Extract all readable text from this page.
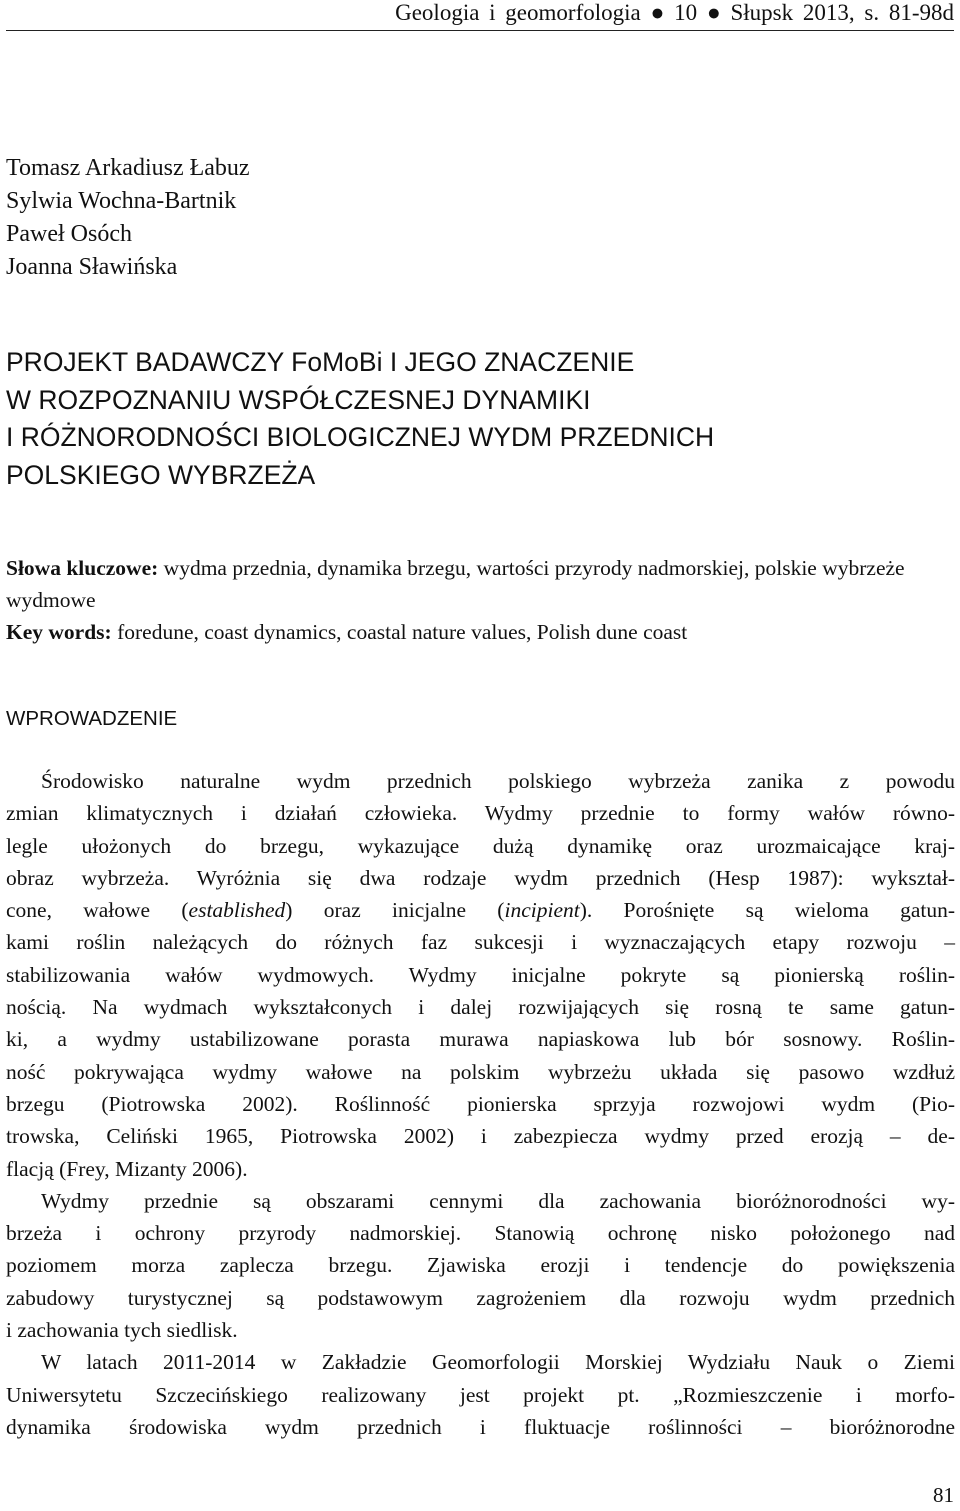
Geologia i geomorfologia ● 10 ● Słupsk 2013, s. 81-98d
Tomasz Arkadiusz Łabuz
Sylwia Wochna-Bartnik
Paweł Osóch
Joanna Sławińska
PROJEKT BADAWCZY FoMoBi I JEGO ZNACZENIE
W ROZPOZNANIU WSPÓŁCZESNEJ DYNAMIKI
I RÓŻNORODNOŚCI BIOLOGICZNEJ WYDM PRZEDNICH
POLSKIEGO WYBRZEŻA
Słowa kluczowe: wydma przednia, dynamika brzegu, wartości przyrody nadmorskiej, polskie wybrzeże wydmowe
Key words: foredune, coast dynamics, coastal nature values, Polish dune coast
WPROWADZENIE
Środowisko naturalne wydm przednich polskiego wybrzeża zanika z powodu
zmian klimatycznych i działań człowieka. Wydmy przednie to formy wałów równo-
legle ułożonych do brzegu, wykazujące dużą dynamikę oraz urozmaicające kraj-
obraz wybrzeża. Wyróżnia się dwa rodzaje wydm przednich (Hesp 1987): wykształ-
cone, wałowe (established) oraz inicjalne (incipient). Porośnięte są wieloma gatun-
kami roślin należących do różnych faz sukcesji i wyznaczających etapy rozwoju –
stabilizowania wałów wydmowych. Wydmy inicjalne pokryte są pionierską roślin-
nością. Na wydmach wykształconych i dalej rozwijających się rosną te same gatun-
ki, a wydmy ustabilizowane porasta murawa napiaskowa lub bór sosnowy. Roślin-
ność pokrywająca wydmy wałowe na polskim wybrzeżu układa się pasowo wzdłuż
brzegu (Piotrowska 2002). Roślinność pionierska sprzyja rozwojowi wydm (Pio-
trowska, Celiński 1965, Piotrowska 2002) i zabezpiecza wydmy przed erozją – de-
flacją (Frey, Mizanty 2006).
Wydmy przednie są obszarami cennymi dla zachowania bioróżnorodności wy-
brzeża i ochrony przyrody nadmorskiej. Stanowią ochronę nisko położonego nad
poziomem morza zaplecza brzegu. Zjawiska erozji i tendencje do powiększenia
zabudowy turystycznej są podstawowym zagrożeniem dla rozwoju wydm przednich
i zachowania tych siedlisk.
W latach 2011-2014 w Zakładzie Geomorfologii Morskiej Wydziału Nauk o Ziemi
Uniwersytetu Szczecińskiego realizowany jest projekt pt. „Rozmieszczenie i morfo-
dynamika środowiska wydm przednich i fluktuacje roślinności – bioróżnorodne
81
